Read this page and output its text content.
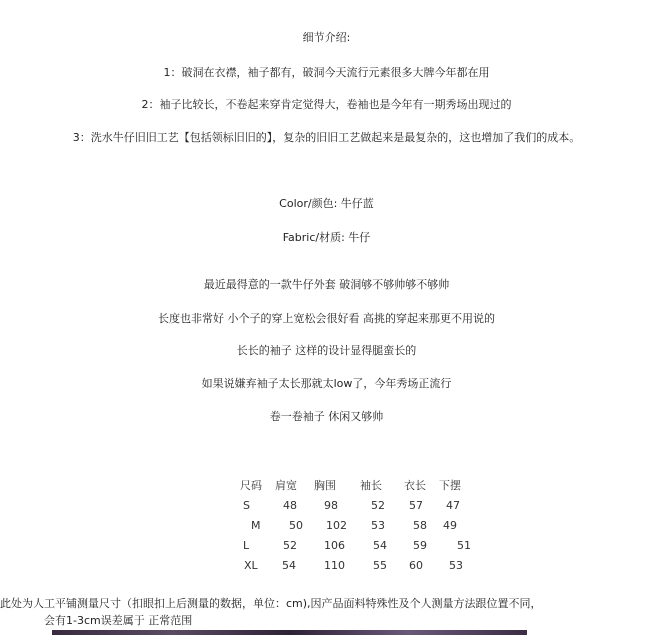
细节介绍:
1：破洞在衣襟，袖子都有，破洞今天流行元素很多大牌今年都在用
2：袖子比较长，不卷起来穿肯定觉得大，卷袖也是今年有一期秀场出现过的
3：洗水牛仔旧旧工艺【包括领标旧旧的】，复杂的旧旧工艺做起来是最复杂的，这也增加了我们的成本。
Color/颜色: 牛仔蓝
Fabric/材质: 牛仔
最近最得意的一款牛仔外套 破洞够不够帅够不够帅
长度也非常好 小个子的穿上宽松会很好看 高挑的穿起来那更不用说的
长长的袖子 这样的设计显得腿蛮长的
如果说嫌弃袖子太长那就太low了，今年秀场正流行
卷一卷袖子 休闲又够帅
尺码 肩宽 胸围 袖长 衣长 下摆
S	48 98	52 57 47
M	50 102 53	58 49
L	52 106	54 59	51
XL 54	110	55 60 53
此处为人工平铺测量尺寸（扣眼扣上后测量的数据，单位：cm),因产品面料特殊性及个人测量方法跟位置不同，
会有1-3cm误差属于 正常范围
